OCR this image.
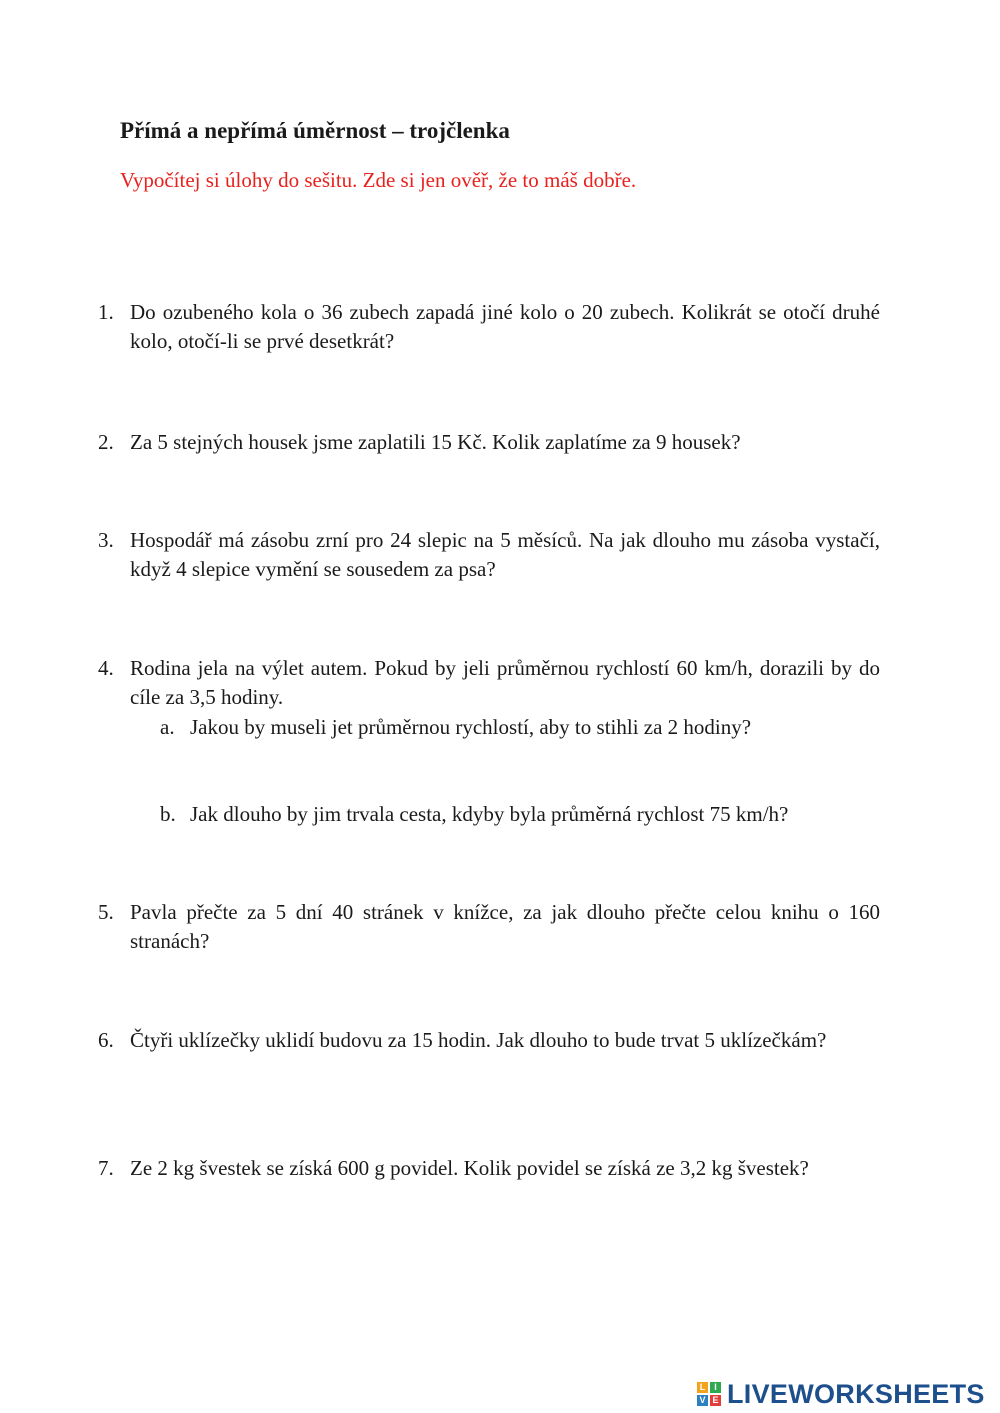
Přímá a nepřímá úměrnost – trojčlenka
Vypočítej si úlohy do sešitu. Zde si jen ověř, že to máš dobře.
1. Do ozubeného kola o 36 zubech zapadá jiné kolo o 20 zubech. Kolikrát se otočí druhé kolo, otočí-li se prvé desetkrát?
2. Za 5 stejných housek jsme zaplatili 15 Kč. Kolik zaplatíme za 9 housek?
3. Hospodář má zásobu zrní pro 24 slepic na 5 měsíců. Na jak dlouho mu zásoba vystačí, když 4 slepice vymění se sousedem za psa?
4. Rodina jela na výlet autem. Pokud by jeli průměrnou rychlostí 60 km/h, dorazili by do cíle za 3,5 hodiny.
a. Jakou by museli jet průměrnou rychlostí, aby to stihli za 2 hodiny?
b. Jak dlouho by jim trvala cesta, kdyby byla průměrná rychlost 75 km/h?
5. Pavla přečte za 5 dní 40 stránek v knížce, za jak dlouho přečte celou knihu o 160 stranách?
6. Čtyři uklízečky uklidí budovu za 15 hodin. Jak dlouho to bude trvat 5 uklízečkám?
7. Ze 2 kg švestek se získá 600 g povidel. Kolik povidel se získá ze 3,2 kg švestek?
L I
V E LIVEWORKSHEETS
